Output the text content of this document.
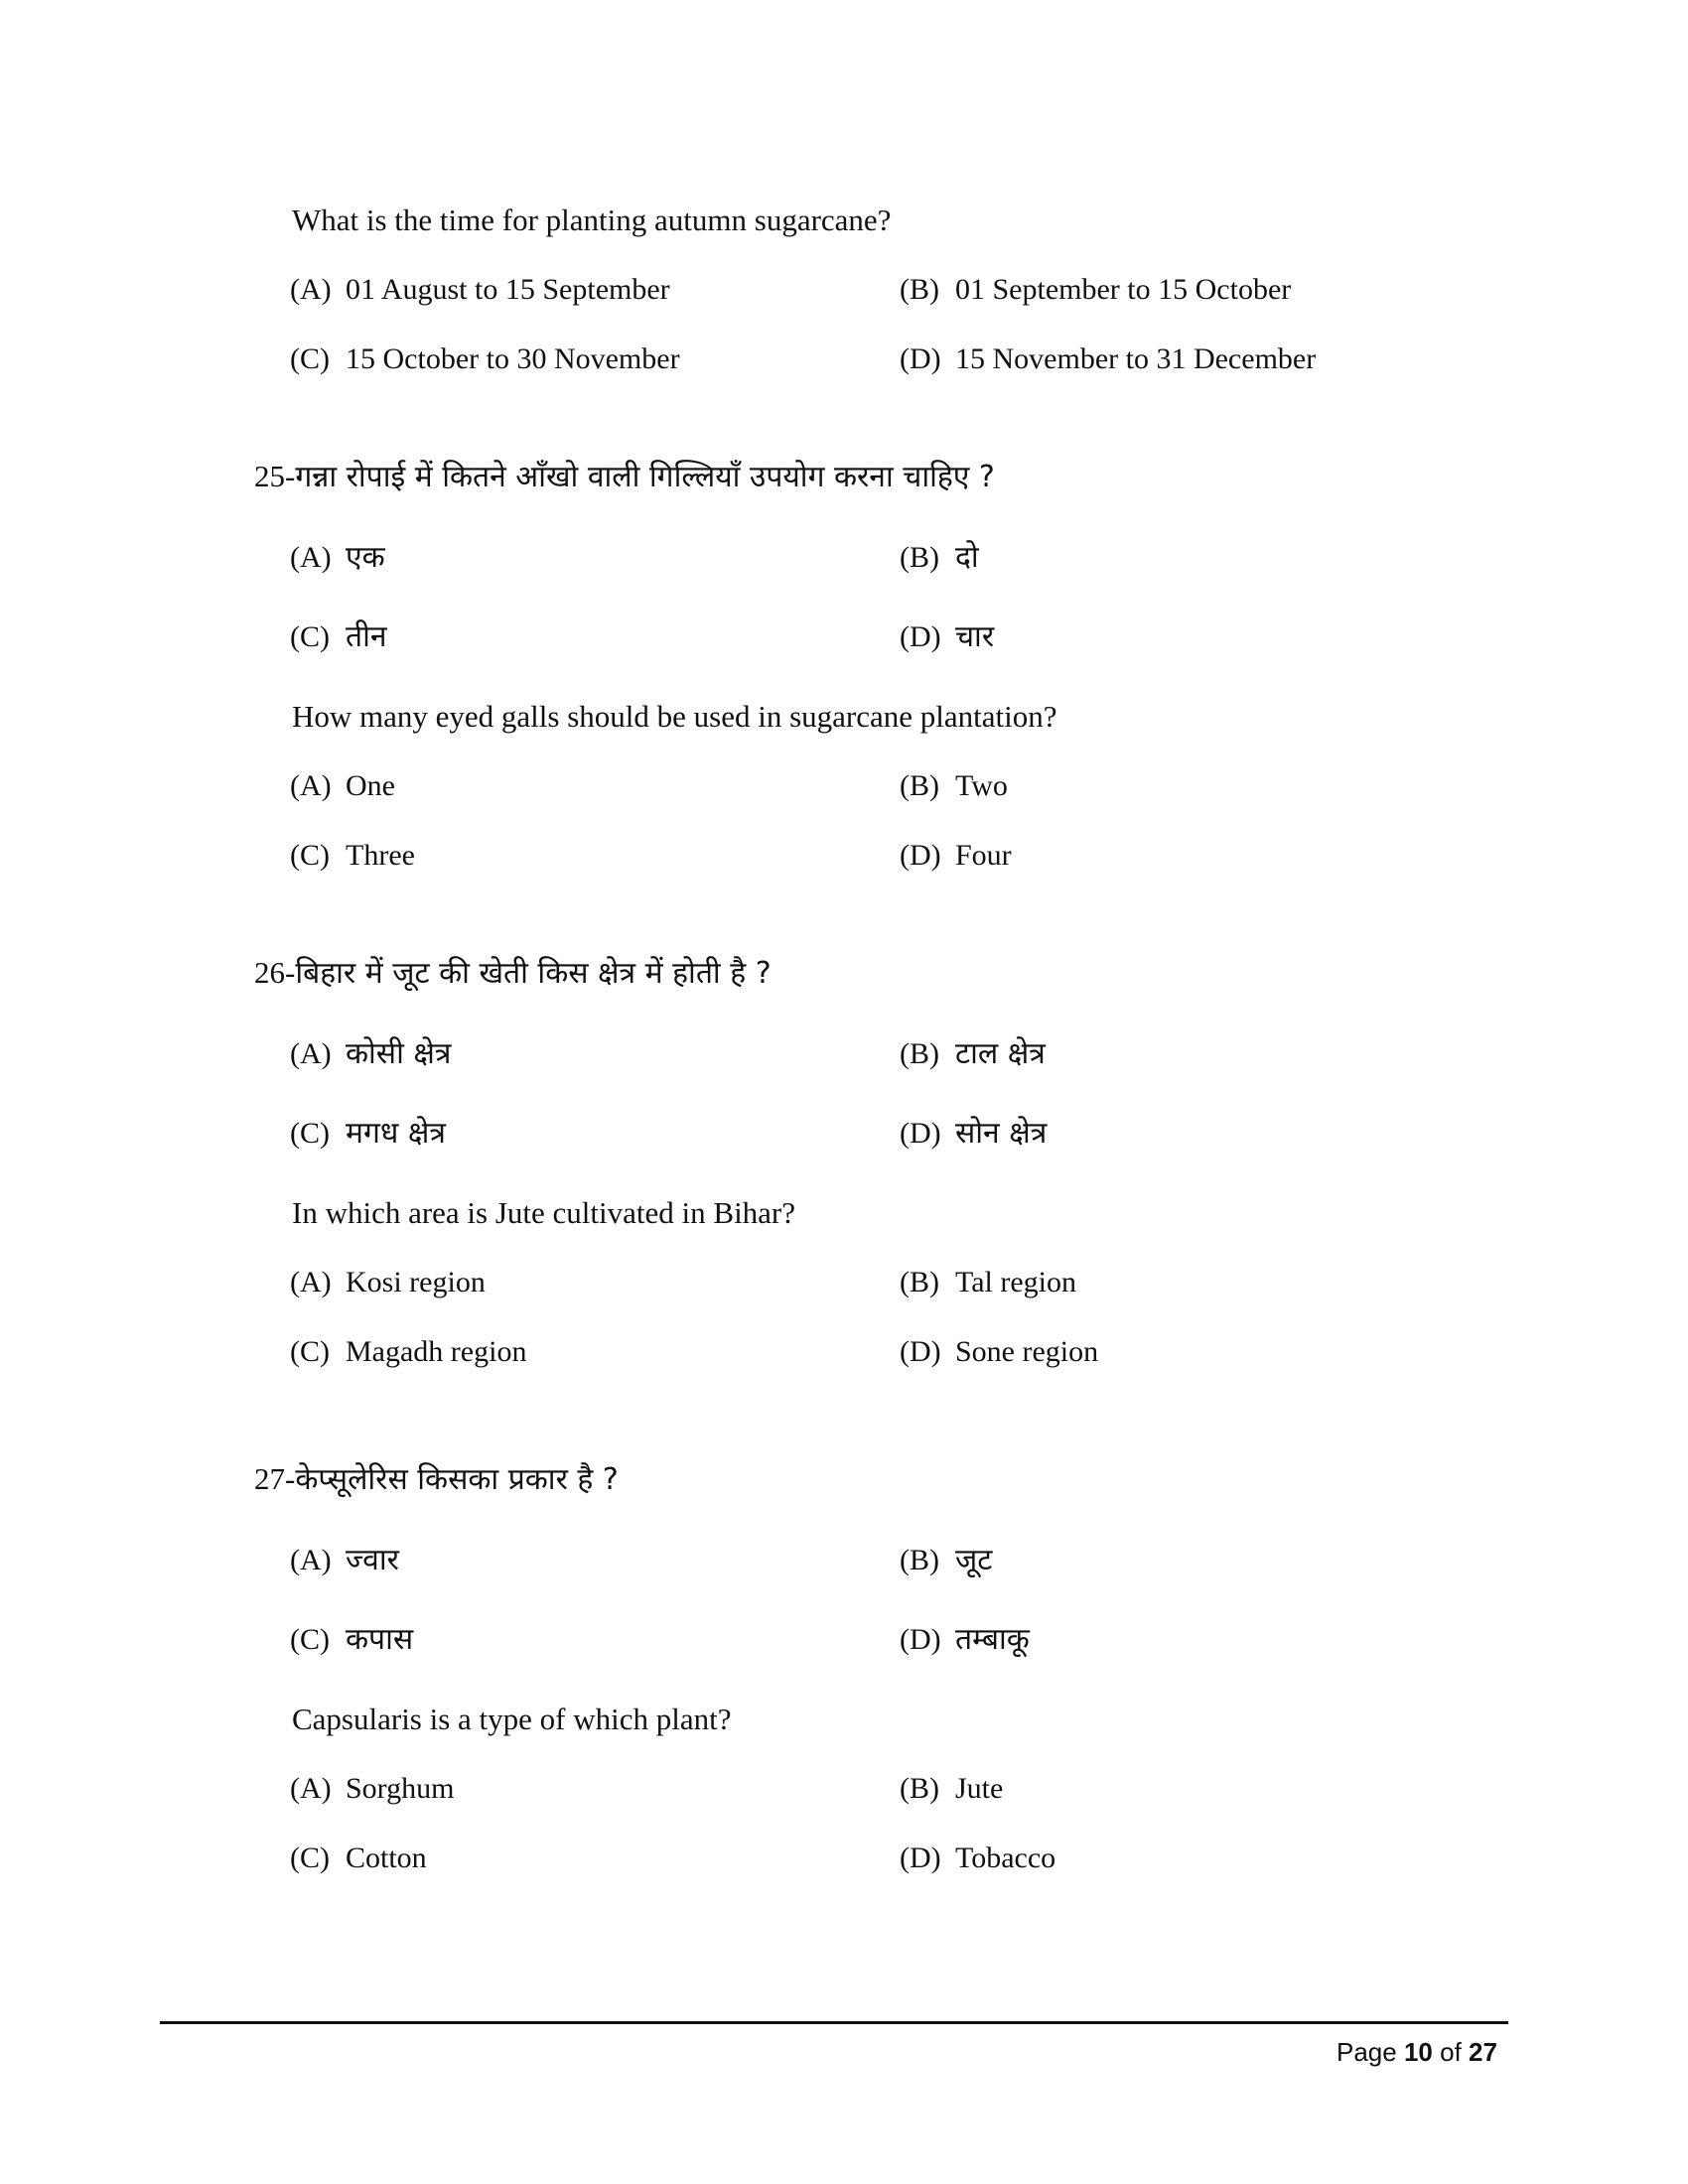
What is the time for planting autumn sugarcane?
(A) 01 August to 15 September	(B) 01 September to 15 October
(C) 15 October to 30 November	(D) 15 November to 31 December
25-गन्ना रोपाई में कितने आँखो वाली गिल्लियाँ उपयोग करना चाहिए ?
(A) एक	(B) दो
(C) तीन	(D) चार
How many eyed galls should be used in sugarcane plantation?
(A) One	(B) Two
(C) Three	(D) Four
26-बिहार में जूट की खेती किस क्षेत्र में होती है ?
(A) कोसी क्षेत्र	(B) टाल क्षेत्र
(C) मगध क्षेत्र	(D) सोन क्षेत्र
In which area is Jute cultivated in Bihar?
(A) Kosi region	(B) Tal region
(C) Magadh region	(D) Sone region
27-केप्सूलेरिस किसका प्रकार है ?
(A) ज्वार	(B) जूट
(C) कपास	(D) तम्बाकू
Capsularis is a type of which plant?
(A) Sorghum	(B) Jute
(C) Cotton	(D) Tobacco
Page 10 of 27
